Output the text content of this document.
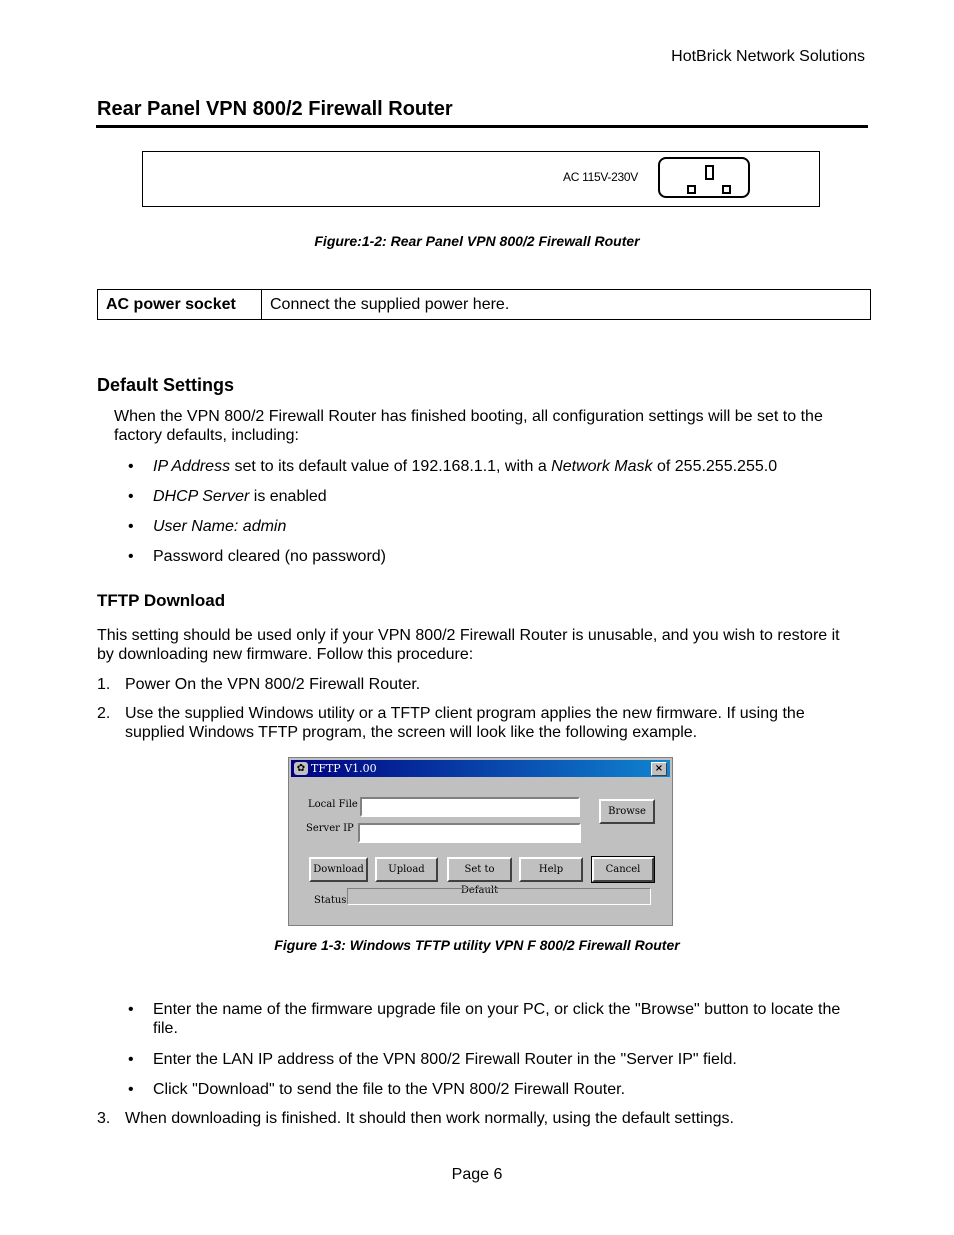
HotBrick Network Solutions
Rear Panel VPN 800/2 Firewall Router
AC 115V-230V
Figure:1-2: Rear Panel VPN 800/2 Firewall Router
AC power socket	Connect the supplied power here.
Default Settings
When the VPN 800/2 Firewall Router has finished booting, all configuration settings will be set to the factory defaults, including:
• IP Address set to its default value of 192.168.1.1, with a Network Mask of 255.255.255.0
• DHCP Server is enabled
• User Name: admin
• Password cleared (no password)
TFTP Download
This setting should be used only if your VPN 800/2 Firewall Router is unusable, and you wish to restore it by downloading new firmware. Follow this procedure:
1. Power On the VPN 800/2 Firewall Router.
2. Use the supplied Windows utility or a TFTP client program applies the new firmware. If using the supplied Windows TFTP program, the screen will look like the following example.
✿ TFTP V1.00	×
Local File
Browse
Server IP
Download	Upload	Set to Default
Help	Cancel
Status
Figure 1-3: Windows TFTP utility VPN F 800/2 Firewall Router
• Enter the name of the firmware upgrade file on your PC, or click the "Browse" button to locate the file.
• Enter the LAN IP address of the VPN 800/2 Firewall Router in the "Server IP" field.
• Click "Download" to send the file to the VPN 800/2 Firewall Router.
3. When downloading is finished. It should then work normally, using the default settings.
Page 6
